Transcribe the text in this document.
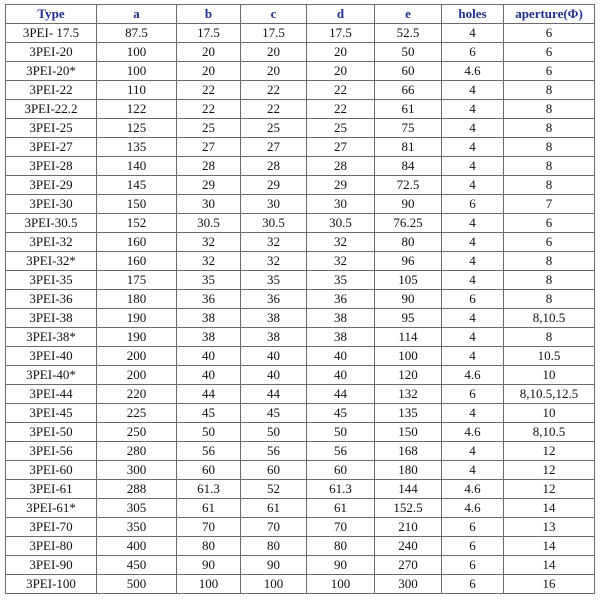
Type	a	b	c	d	e	holes	aperture(Φ)
3PEI- 17.5	87.5	17.5	17.5	17.5	52.5	4	6
3PEI-20	100	20	20	20	50	6	6
3PEI-20*	100	20	20	20	60	4.6	6
3PEI-22	110	22	22	22	66	4	8
3PEI-22.2	122	22	22	22	61	4	8
3PEI-25	125	25	25	25	75	4	8
3PEI-27	135	27	27	27	81	4	8
3PEI-28	140	28	28	28	84	4	8
3PEI-29	145	29	29	29	72.5	4	8
3PEI-30	150	30	30	30	90	6	7
3PEI-30.5	152	30.5	30.5	30.5	76.25	4	6
3PEI-32	160	32	32	32	80	4	6
3PEI-32*	160	32	32	32	96	4	8
3PEI-35	175	35	35	35	105	4	8
3PEI-36	180	36	36	36	90	6	8
3PEI-38	190	38	38	38	95	4	8,10.5
3PEI-38*	190	38	38	38	114	4	8
3PEI-40	200	40	40	40	100	4	10.5
3PEI-40*	200	40	40	40	120	4.6	10
3PEI-44	220	44	44	44	132	6	8,10.5,12.5
3PEI-45	225	45	45	45	135	4	10
3PEI-50	250	50	50	50	150	4.6	8,10.5
3PEI-56	280	56	56	56	168	4	12
3PEI-60	300	60	60	60	180	4	12
3PEI-61	288	61.3	52	61.3	144	4.6	12
3PEI-61*	305	61	61	61	152.5	4.6	14
3PEI-70	350	70	70	70	210	6	13
3PEI-80	400	80	80	80	240	6	14
3PEI-90	450	90	90	90	270	6	14
3PEI-100	500	100	100	100	300	6	16
